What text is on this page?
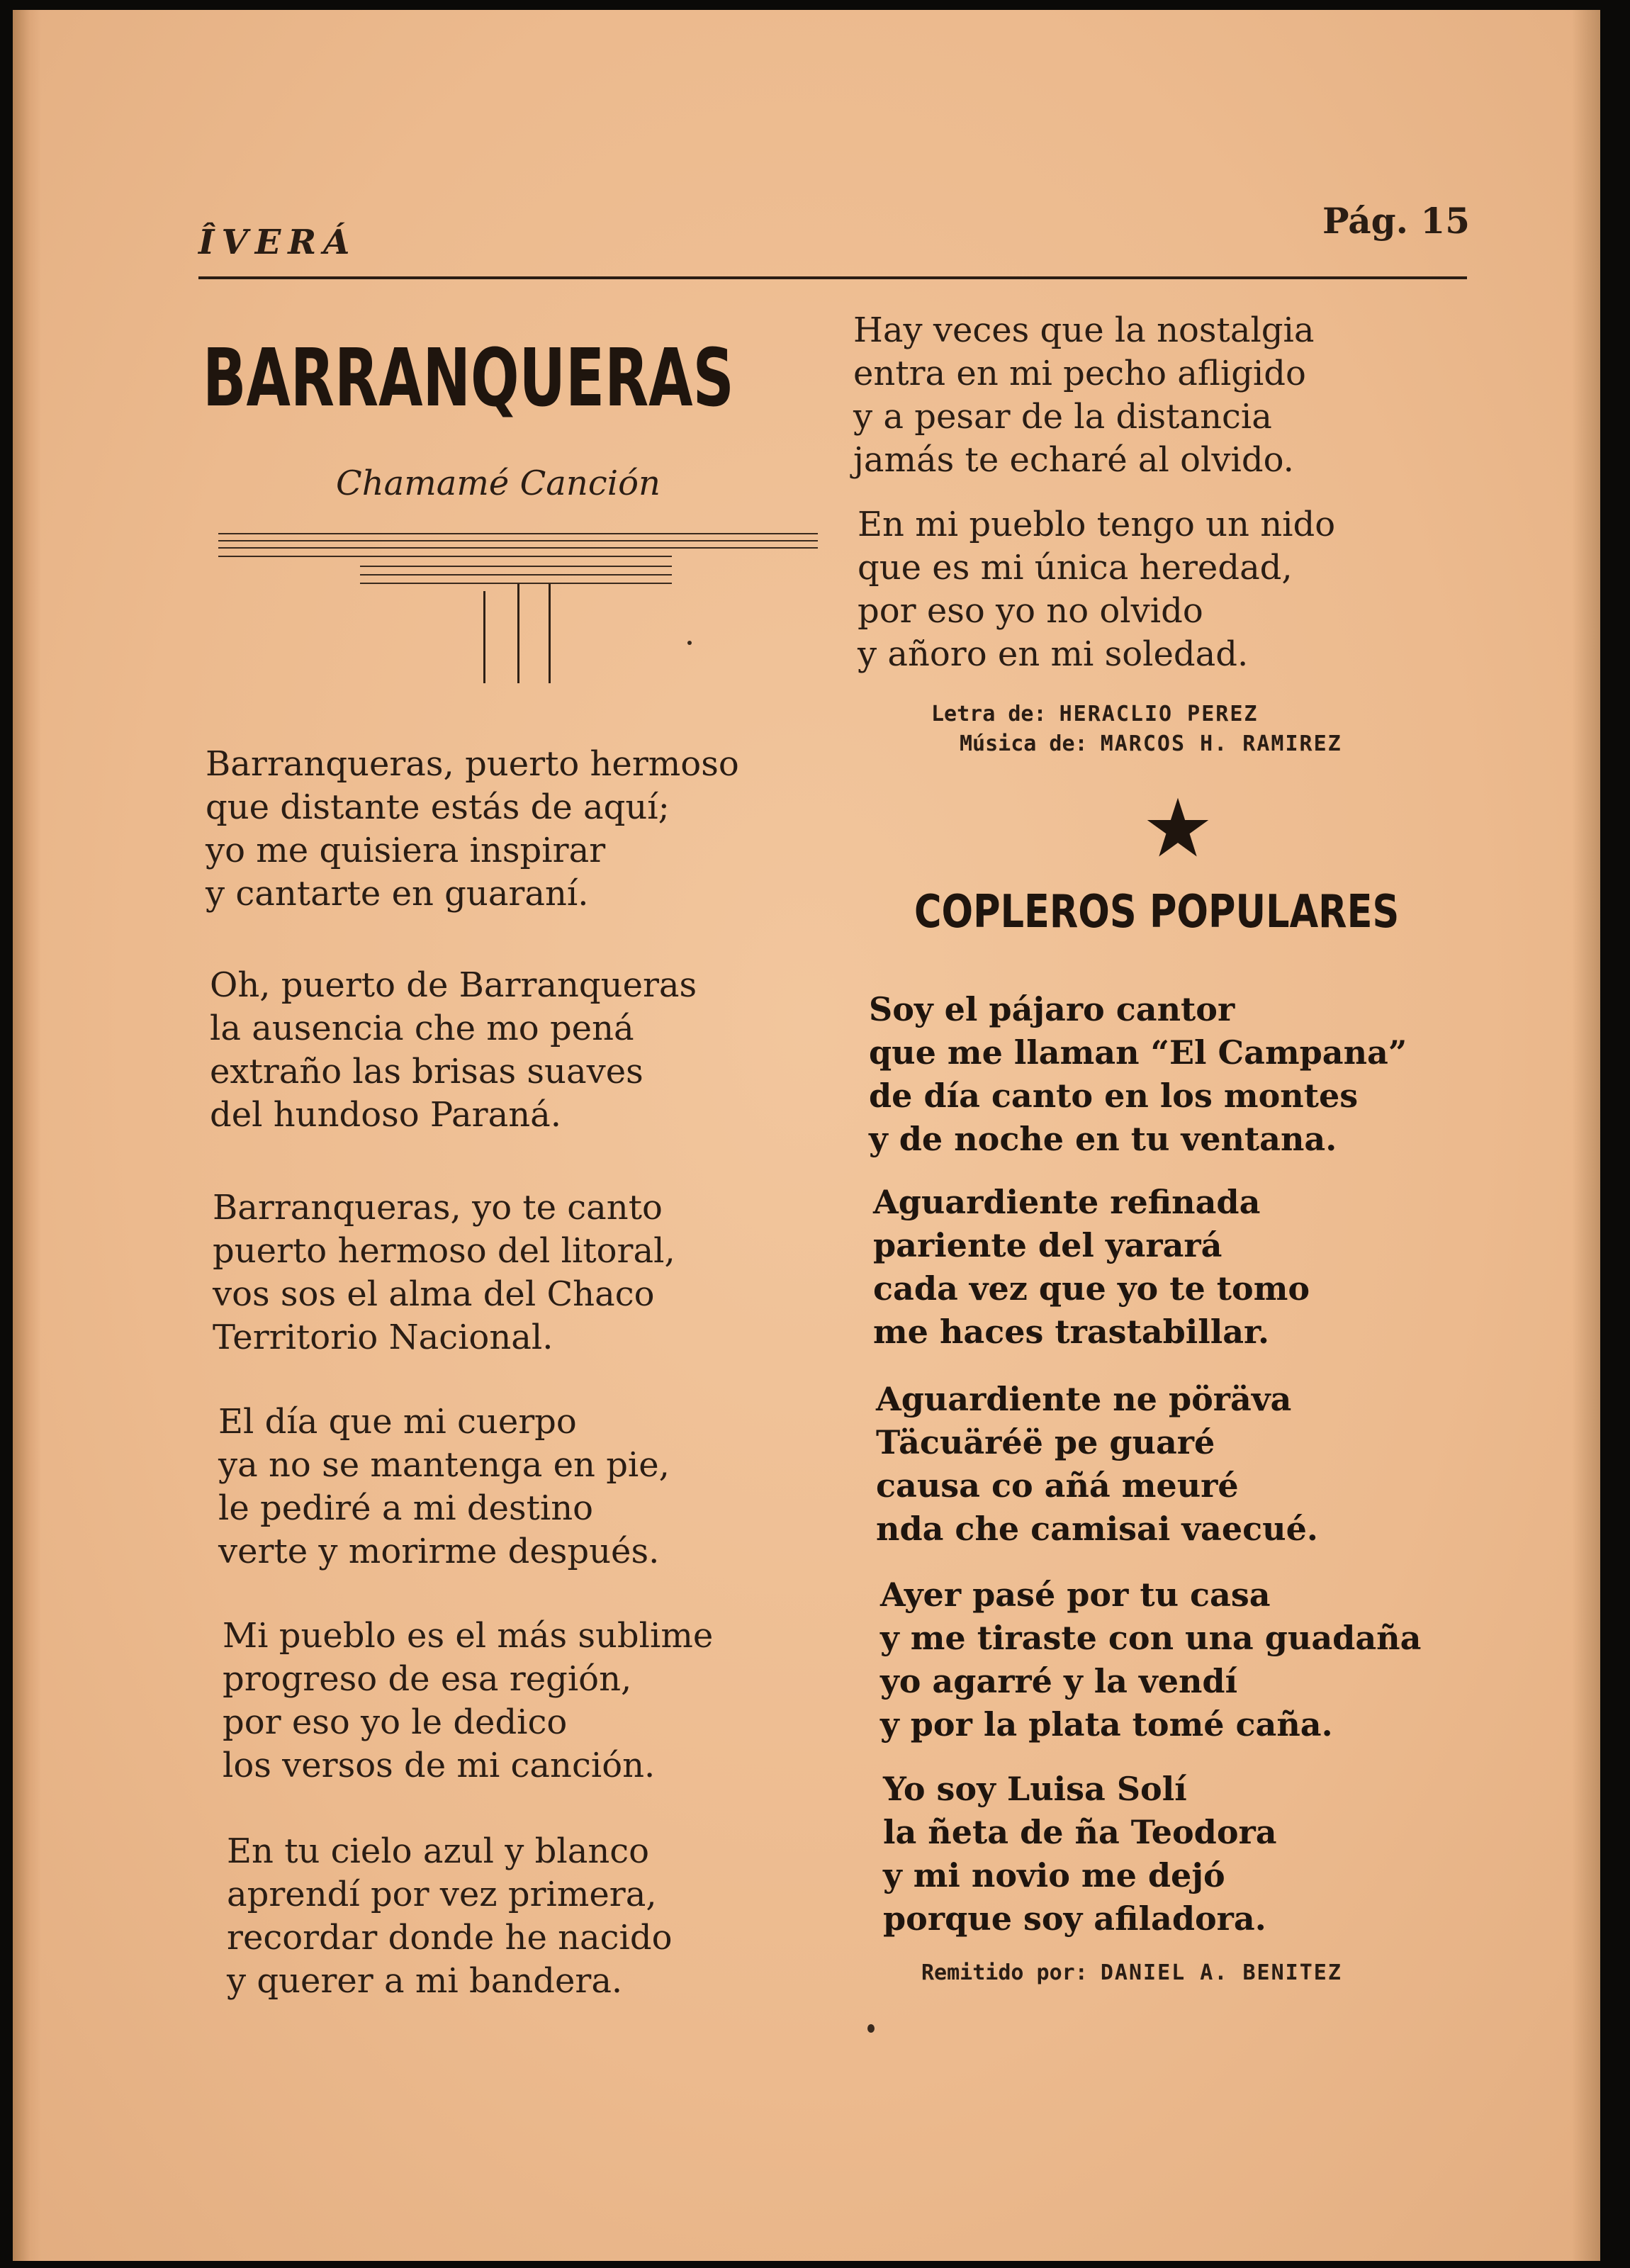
ÎVERÁ
Pág. 15
BARRANQUERAS
Chamamé Canción
Barranqueras, puerto hermoso
que distante estás de aquí;
yo me quisiera inspirar
y cantarte en guaraní.
Oh, puerto de Barranqueras
la ausencia che mo pená
extraño las brisas suaves
del hundoso Paraná.
Barranqueras, yo te canto
puerto hermoso del litoral,
vos sos el alma del Chaco
Territorio Nacional.
El día que mi cuerpo
ya no se mantenga en pie,
le pediré a mi destino
verte y morirme después.
Mi pueblo es el más sublime
progreso de esa región,
por eso yo le dedico
los versos de mi canción.
En tu cielo azul y blanco
aprendí por vez primera,
recordar donde he nacido
y querer a mi bandera.
Hay veces que la nostalgia
entra en mi pecho afligido
y a pesar de la distancia
jamás te echaré al olvido.
En mi pueblo tengo un nido
que es mi única heredad,
por eso yo no olvido
y añoro en mi soledad.
Letra de: HERACLIO PEREZ
Música de: MARCOS H. RAMIREZ
COPLEROS POPULARES
Soy el pájaro cantor
que me llaman “El Campana”
de día canto en los montes
y de noche en tu ventana.
Aguardiente refinada
pariente del yarará
cada vez que yo te tomo
me haces trastabillar.
Aguardiente ne pöräva
Täcuäréë pe guaré
causa co añá meuré
nda che camisai vaecué.
Ayer pasé por tu casa
y me tiraste con una guadaña
yo agarré y la vendí
y por la plata tomé caña.
Yo soy Luisa Solí
la ñeta de ña Teodora
y mi novio me dejó
porque soy afiladora.
Remitido por: DANIEL A. BENITEZ
